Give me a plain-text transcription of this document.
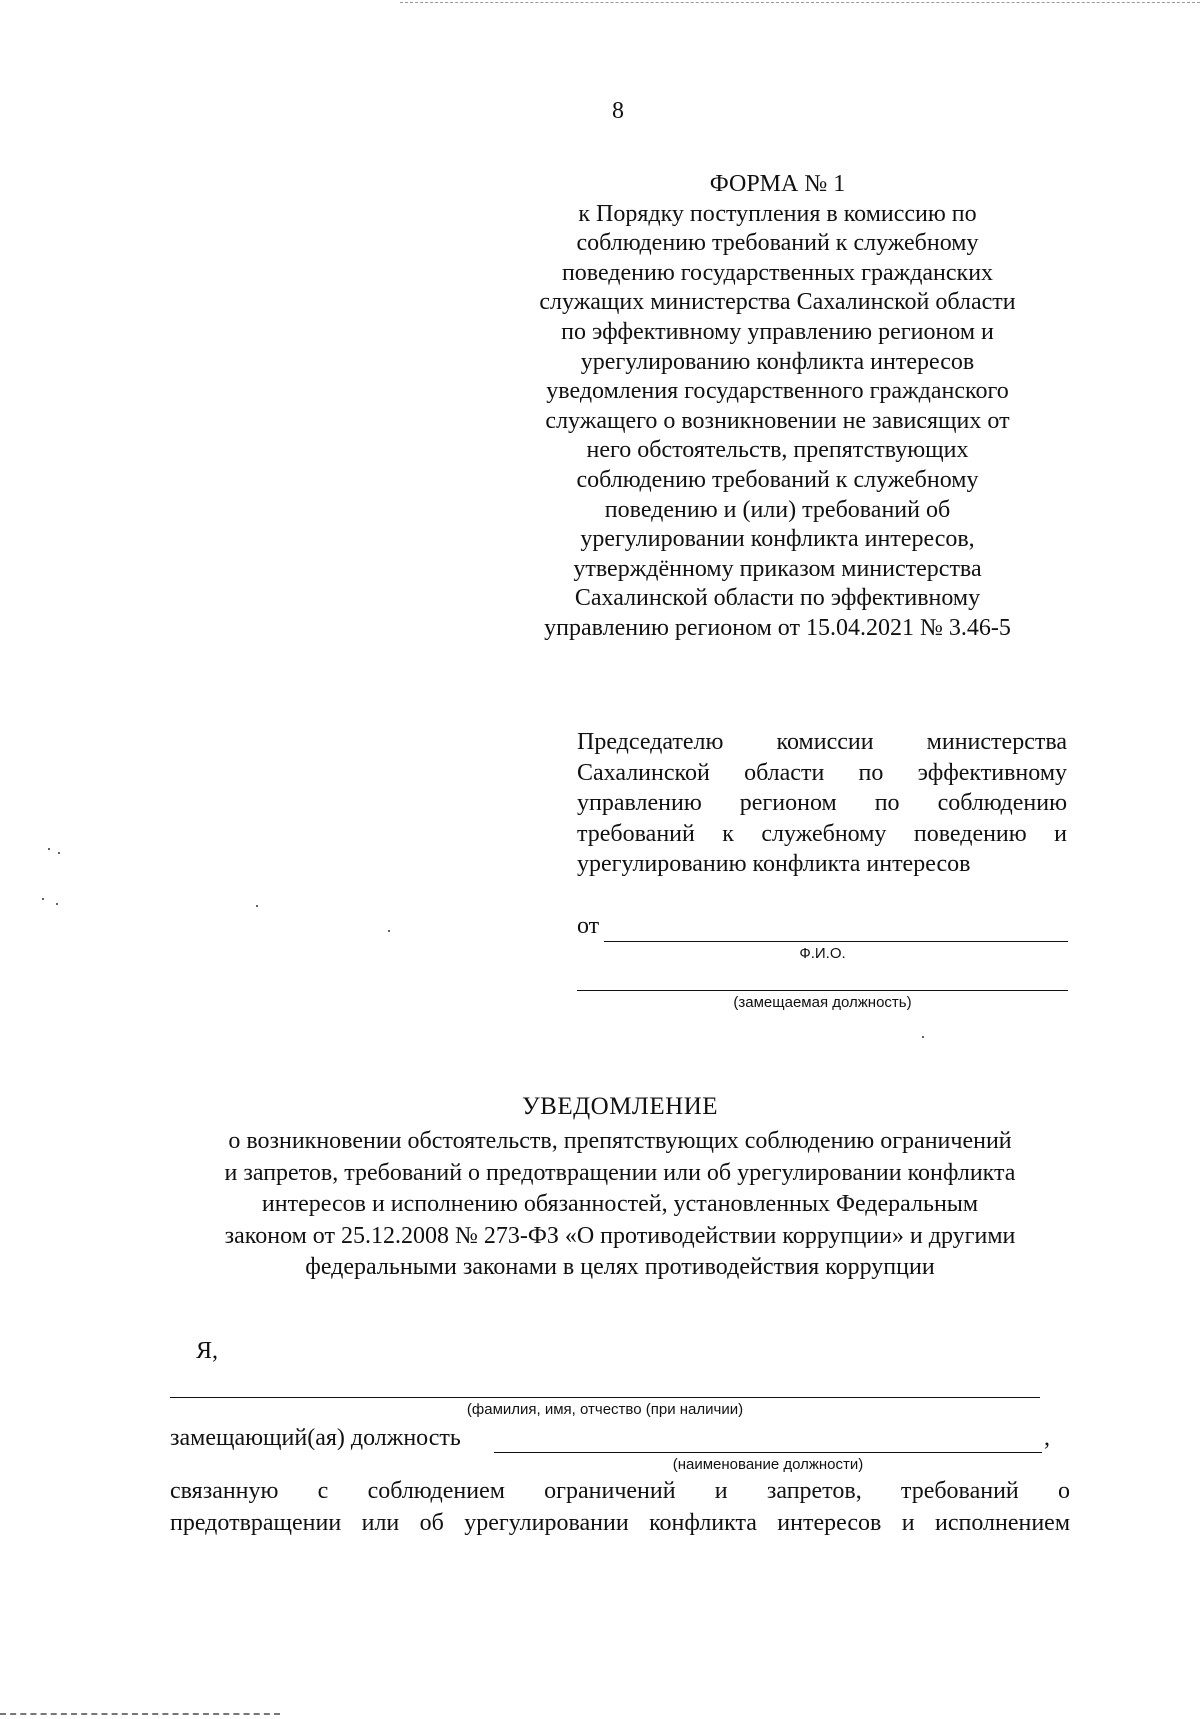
8
ФОРМА № 1
к Порядку поступления в комиссию по
соблюдению требований к служебному
поведению государственных гражданских
служащих министерства Сахалинской области
по эффективному управлению регионом и
урегулированию конфликта интересов
уведомления государственного гражданского
служащего о возникновении не зависящих от
него обстоятельств, препятствующих
соблюдению требований к служебному
поведению и (или) требований об
урегулировании конфликта интересов,
утверждённому приказом министерства
Сахалинской области по эффективному
управлению регионом от 15.04.2021 № 3.46-5
Председателю комиссии министерства
Сахалинской области по эффективному
управлению регионом по соблюдению
требований к служебному поведению и
урегулированию конфликта интересов
от
Ф.И.О.
(замещаемая должность)
УВЕДОМЛЕНИЕ
о возникновении обстоятельств, препятствующих соблюдению ограничений
и запретов, требований о предотвращении или об урегулировании конфликта
интересов и исполнению обязанностей, установленных Федеральным
законом от 25.12.2008 № 273-ФЗ «О противодействии коррупции» и другими
федеральными законами в целях противодействия коррупции
Я,
(фамилия, имя, отчество (при наличии)
замещающий(ая) должность	,
(наименование должности)
связанную с соблюдением ограничений и запретов, требований о
предотвращении или об урегулировании конфликта интересов и исполнением
